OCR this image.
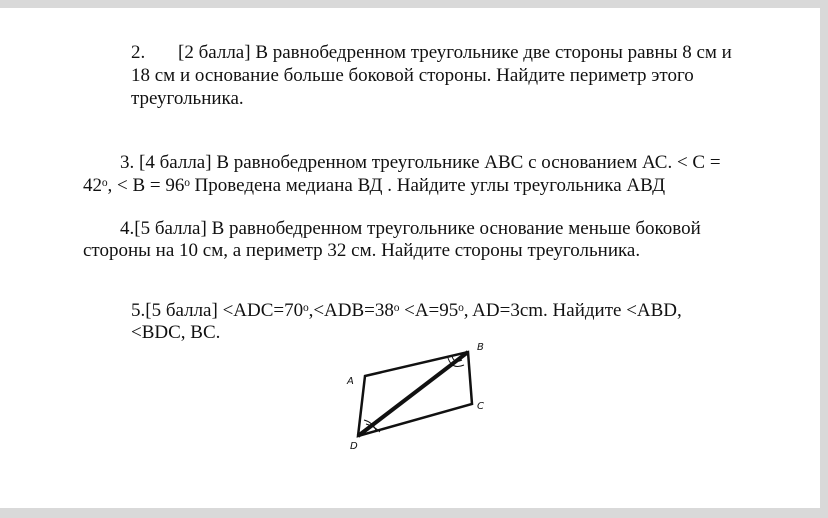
2. [2 балла] В равнобедренном треугольнике две стороны равны 8 см и
18 см и основание больше боковой стороны. Найдите периметр этого
треугольника.
3. [4 балла] В равнобедренном треугольнике АВС с основанием АС. < С =
42ᵒ, < В = 96ᵒ Проведена медиана ВД . Найдите углы треугольника АВД
4.[5 балла] В равнобедренном треугольнике основание меньше боковой
стороны на 10 см, а периметр 32 см. Найдите стороны треугольника.
5.[5 балла] <ADC=70ᵒ,<ADB=38ᵒ <A=95ᵒ, AD=3cm. Найдите <ABD,
<BDC, BC.
A
B
C
D
